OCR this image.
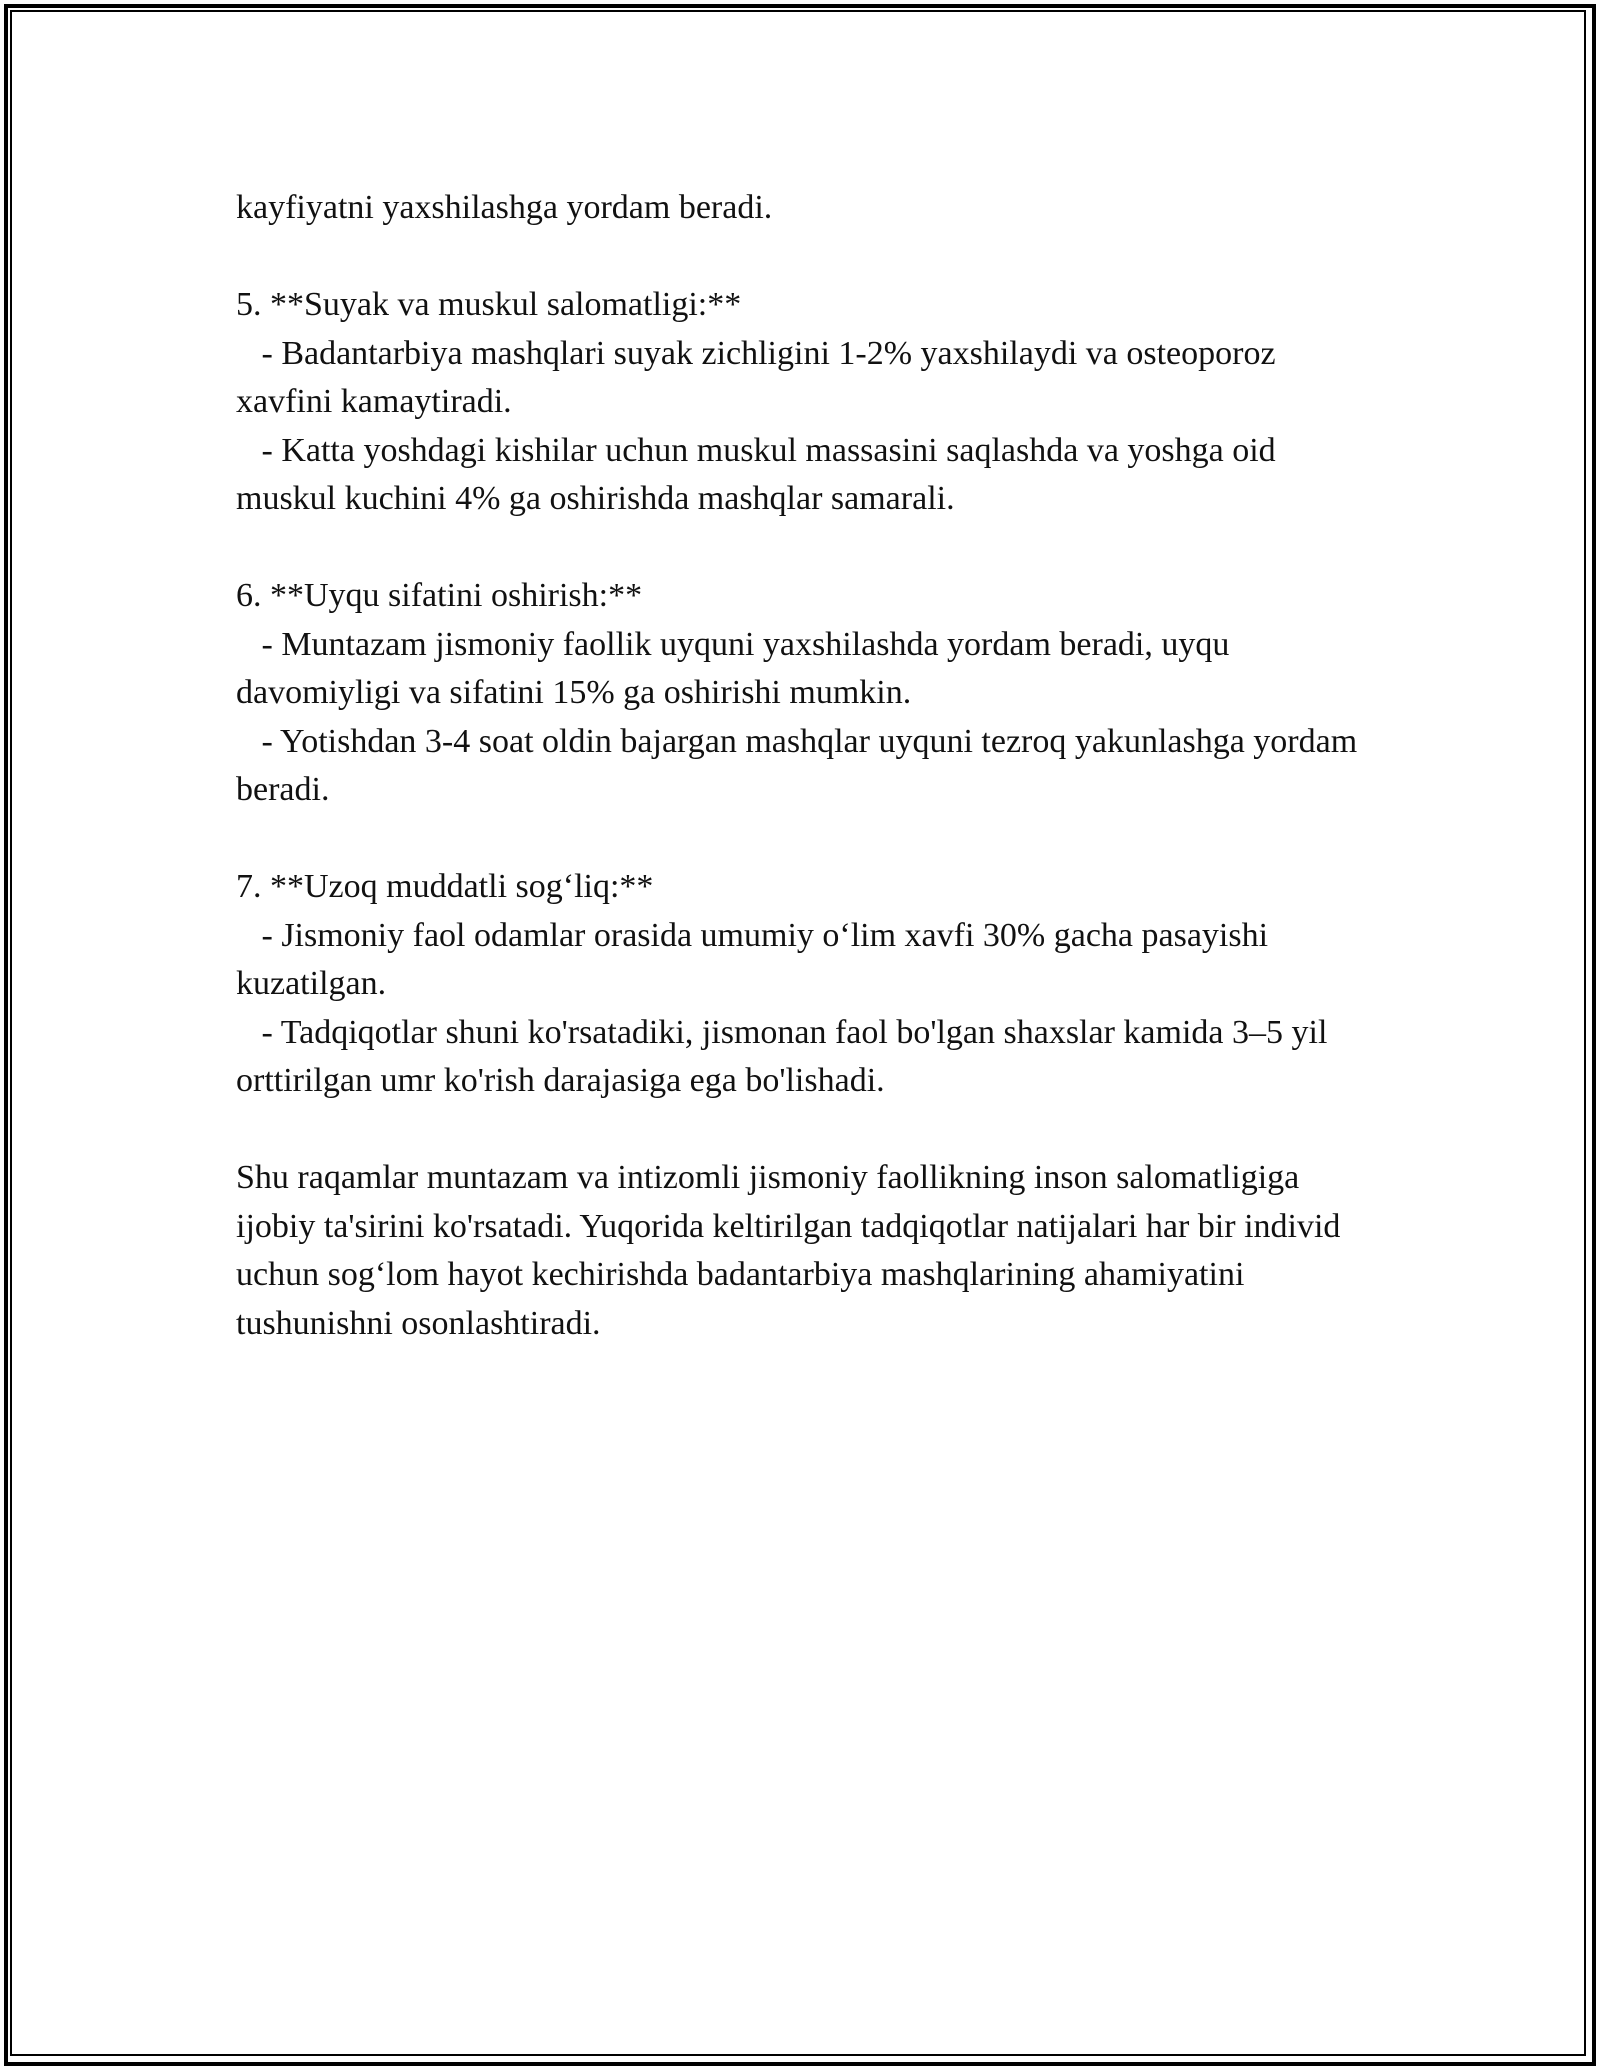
kayfiyatni yaxshilashga yordam beradi.

5. **Suyak va muskul salomatligi:**

- Badantarbiya mashqlari suyak zichligini 1-2% yaxshilaydi va osteoporoz xavfini kamaytiradi.

- Katta yoshdagi kishilar uchun muskul massasini saqlashda va yoshga oid muskul kuchini 4% ga oshirishda mashqlar samarali.

6. **Uyqu sifatini oshirish:**

- Muntazam jismoniy faollik uyquni yaxshilashda yordam beradi, uyqu davomiyligi va sifatini 15% ga oshirishi mumkin.

- Yotishdan 3-4 soat oldin bajargan mashqlar uyquni tezroq yakunlashga yordam beradi.

7. **Uzoq muddatli sog‘liq:**

- Jismoniy faol odamlar orasida umumiy o‘lim xavfi 30% gacha pasayishi kuzatilgan.

- Tadqiqotlar shuni ko'rsatadiki, jismonan faol bo'lgan shaxslar kamida 3–5 yil orttirilgan umr ko'rish darajasiga ega bo'lishadi.

Shu raqamlar muntazam va intizomli jismoniy faollikning inson salomatligiga ijobiy ta'sirini ko'rsatadi. Yuqorida keltirilgan tadqiqotlar natijalari har bir individ uchun sog‘lom hayot kechirishda badantarbiya mashqlarining ahamiyatini tushunishni osonlashtiradi.
